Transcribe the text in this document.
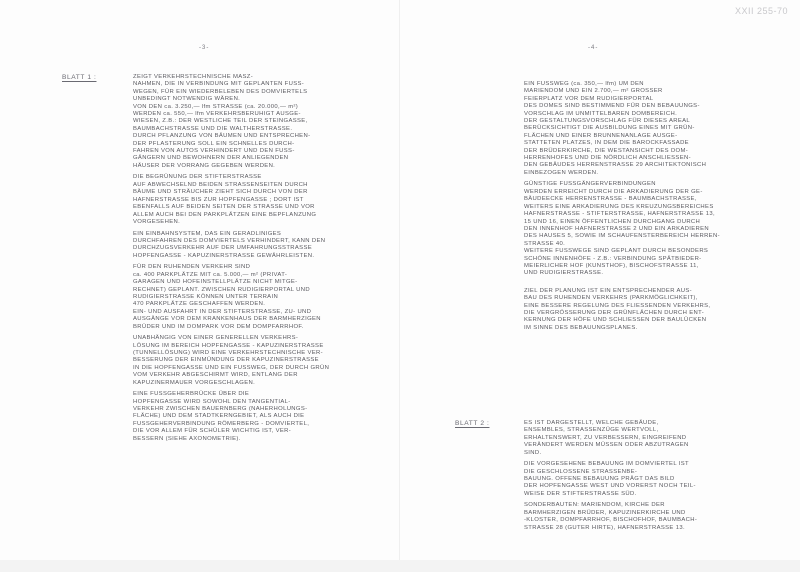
XXII 255-70
-3-
BLATT 1 :	ZEIGT VERKEHRSTECHNISCHE MASZ-
NAHMEN, DIE IN VERBINDUNG MIT GEPLANTEN FUSS-
WEGEN, FÜR EIN WIEDERBELEBEN DES DOMVIERTELS
UNBEDINGT NOTWENDIG WÄREN.
VON DEN ca. 3.250,— lfm STRASSE (ca. 20.000,— m²)
WERDEN ca. 550,— lfm VERKEHRSBERUHIGT AUSGE-
WIESEN, Z.B.: DER WESTLICHE TEIL DER STEINGASSE,
BAUMBACHSTRASSE UND DIE WALTHERSTRASSE.
DURCH PFLANZUNG VON BÄUMEN UND ENTSPRECHEN-
DER PFLASTERUNG SOLL EIN SCHNELLES DURCH-
FAHREN VON AUTOS VERHINDERT UND DEN FUSS-
GÄNGERN UND BEWOHNERN DER ANLIEGENDEN
HÄUSER DER VORRANG GEGEBEN WERDEN.

DIE BEGRÜNUNG DER STIFTERSTRASSE
AUF ABWECHSELND BEIDEN STRASSENSEITEN DURCH
BÄUME UND STRÄUCHER ZIEHT SICH DURCH VON DER
HAFNERSTRASSE BIS ZUR HOPFENGASSE ; DORT IST
EBENFALLS AUF BEIDEN SEITEN DER STRASSE UND VOR
ALLEM AUCH BEI DEN PARKPLÄTZEN EINE BEPFLANZUNG
VORGESEHEN.

EIN EINBAHNSYSTEM, DAS EIN GERADLINIGES
DURCHFAHREN DES DOMVIERTELS VERHINDERT, KANN DEN
DURCHZUGSVERKEHR AUF DER UMFAHRUNGSSTRASSE
HOPFENGASSE - KAPUZINERSTRASSE GEWÄHRLEISTEN.

FÜR DEN RUHENDEN VERKEHR SIND
ca. 400 PARKPLÄTZE MIT ca. 5.000,— m² (PRIVAT-
GARAGEN UND HOFEINSTELLPLÄTZE NICHT MITGE-
RECHNET) GEPLANT. ZWISCHEN RUDIGIERPORTAL UND
RUDIGIERSTRASSE KÖNNEN UNTER TERRAIN
470 PARKPLÄTZE GESCHAFFEN WERDEN.
EIN- UND AUSFAHRT IN DER STIFTERSTRASSE, ZU- UND
AUSGÄNGE VOR DEM KRANKENHAUS DER BARMHERZIGEN
BRÜDER UND IM DOMPARK VOR DEM DOMPFARRHOF.

UNABHÄNGIG VON EINER GENERELLEN VERKEHRS-
LÖSUNG IM BEREICH HOPFENGASSE - KAPUZINERSTRASSE
(TUNNELLÖSUNG) WIRD EINE VERKEHRSTECHNISCHE VER-
BESSERUNG DER EINMÜNDUNG DER KAPUZINERSTRASSE
IN DIE HOPFENGASSE UND EIN FUSSWEG, DER DURCH GRÜN
VOM VERKEHR ABGESCHIRMT WIRD, ENTLANG DER
KAPUZINERMAUER VORGESCHLAGEN.

EINE FUSSGEHERBRÜCKE ÜBER DIE
HOPFENGASSE WIRD SOWOHL DEN TANGENTIAL-
VERKEHR ZWISCHEN BAUERNBERG (NAHERHOLUNGS-
FLÄCHE) UND DEM STADTKERNGEBIET, ALS AUCH DIE
FUSSGEHERVERBINDUNG RÖMERBERG - DOMVIERTEL,
DIE VOR ALLEM FÜR SCHÜLER WICHTIG IST, VER-
BESSERN (SIEHE AXONOMETRIE).

-4-

EIN FUSSWEG (ca. 350,— lfm) UM DEN
MARIENDOM UND EIN 2.700,— m² GROSSER
FEIERPLATZ VOR DEM RUDIGIERPORTAL
DES DOMES SIND BESTIMMEND FÜR DEN BEBAUUNGS-
VORSCHLAG IM UNMITTELBAREN DOMBEREICH.
DER GESTALTUNGSVORSCHLAG FÜR DIESES AREAL
BERÜCKSICHTIGT DIE AUSBILDUNG EINES MIT GRÜN-
FLÄCHEN UND EINER BRUNNENANLAGE AUSGE-
STATTETEN PLATZES, IN DEM DIE BAROCKFASSADE
DER BRÜDERKIRCHE, DIE WESTANSICHT DES DOM-
HERRENHOFES UND DIE NÖRDLICH ANSCHLIESSEN-
DEN GEBÄUDES HERRENSTRASSE 29 ARCHITEKTONISCH
EINBEZOGEN WERDEN.

GÜNSTIGE FUSSGÄNGERVERBINDUNGEN
WERDEN ERREICHT DURCH DIE ARKADIERUNG DER GE-
BÄUDEECKE HERRENSTRASSE - BAUMBACHSTRASSE,
WEITERS EINE ARKADIERUNG DES KREUZUNGSBEREICHES
HAFNERSTRASSE - STIFTERSTRASSE, HAFNERSTRASSE 13,
15 UND 16, EINEN ÖFFENTLICHEN DURCHGANG DURCH
DEN INNENHOF HAFNERSTRASSE 2 UND EIN ARKADIEREN
DES HAUSES 5, SOWIE IM SCHAUFENSTERBEREICH HERREN-
STRASSE 40.
WEITERE FUSSWEGE SIND GEPLANT DURCH BESONDERS
SCHÖNE INNENHÖFE - Z.B.: VERBINDUNG SPÄTBIEDER-
MEIERLICHER HOF (KUNSTHOF), BISCHOFSTRASSE 11,
UND RUDIGIERSTRASSE.

ZIEL DER PLANUNG IST EIN ENTSPRECHENDER AUS-
BAU DES RUHENDEN VERKEHRS (PARKMÖGLICHKEIT),
EINE BESSERE REGELUNG DES FLIESSENDEN VERKEHRS,
DIE VERGRÖSSERUNG DER GRÜNFLÄCHEN DURCH ENT-
KERNUNG DER HÖFE UND SCHLIESSEN DER BAULÜCKEN
IM SINNE DES BEBAUUNGSPLANES.

BLATT 2 :	ES IST DARGESTELLT, WELCHE GEBÄUDE,
ENSEMBLES, STRASSENZÜGE WERTVOLL,
ERHALTENSWERT, ZU VERBESSERN, EINGREIFEND
VERÄNDERT WERDEN MÜSSEN ODER ABZUTRAGEN
SIND.

DIE VORGESEHENE BEBAUUNG IM DOMVIERTEL IST
DIE GESCHLOSSENE STRASSENBE-
BAUUNG. OFFENE BEBAUUNG PRÄGT DAS BILD
DER HOPFENGASSE WEST UND VORERST NOCH TEIL-
WEISE DER STIFTERSTRASSE SÜD.

SONDERBAUTEN: MARIENDOM, KIRCHE DER
BARMHERZIGEN BRÜDER, KAPUZINERKIRCHE UND
-KLOSTER, DOMPFARRHOF, BISCHOFHOF, BAUMBACH-
STRASSE 28 (GUTER HIRTE), HAFNERSTRASSE 13.
